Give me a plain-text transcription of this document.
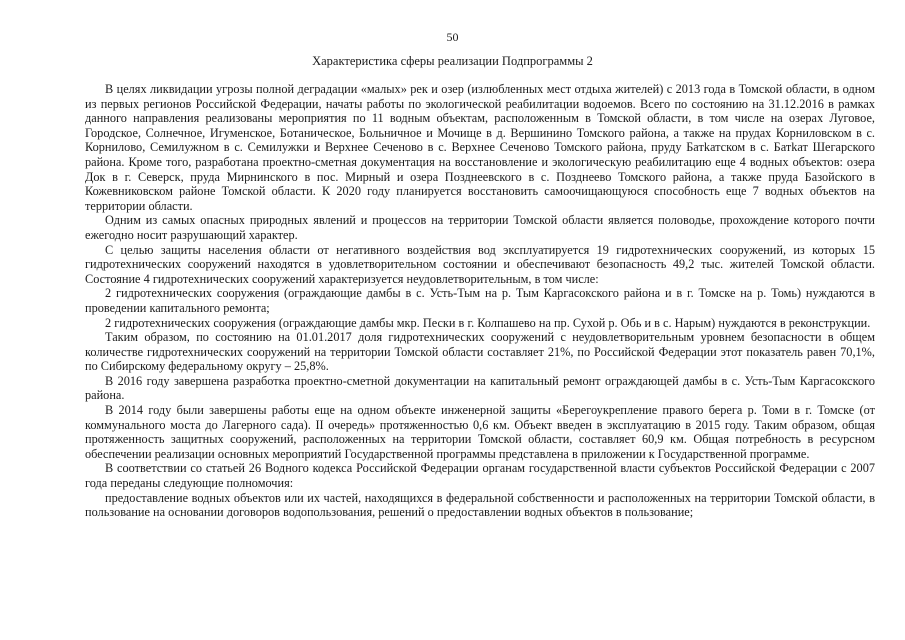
50
Характеристика сферы реализации Подпрограммы 2

В целях ликвидации угрозы полной деградации «малых» рек и озер (излюбленных мест отдыха жителей) с 2013 года в Томской области, в одном из первых регионов Российской Федерации, начаты работы по экологической реабилитации водоемов. Всего по состоянию на 31.12.2016 в рамках данного направления реализованы мероприятия по 11 водным объектам, расположенным в Томской области, в том числе на озерах Луговое, Городское, Солнечное, Игуменское, Ботаническое, Больничное и Мочище в д. Вершинино Томского района, а также на прудах Корниловском в с. Корнилово, Семилужном в с. Семилужки и Верхнее Сеченово в с. Верхнее Сеченово Томского района, пруду Батkатском в с. Батkат Шегарского района. Кроме того, разработана проектно-сметная документация на восстановление и экологическую реабилитацию еще 4 водных объектов: озера Док в г. Северск, пруда Мирнинского в пос. Мирный и озера Позднеевского в с. Позднеево Томского района, а также пруда Базойского в Кожевниковском районе Томской области. К 2020 году планируется восстановить самоочищающуюся способность еще 7 водных объектов на территории области.

Одним из самых опасных природных явлений и процессов на территории Томской области является половодье, прохождение которого почти ежегодно носит разрушающий характер.

С целью защиты населения области от негативного воздействия вод эксплуатируется 19 гидротехнических сооружений, из которых 15 гидротехнических сооружений находятся в удовлетворительном состоянии и обеспечивают безопасность 49,2 тыс. жителей Томской области. Состояние 4 гидротехнических сооружений характеризуется неудовлетворительным, в том числе:

2 гидротехнических сооружения (ограждающие дамбы в с. Усть-Тым на р. Тым Каргасокского района и в г. Томске на р. Томь) нуждаются в проведении капитального ремонта;

2 гидротехнических сооружения (ограждающие дамбы мкр. Пески в г. Колпашево на пр. Сухой р. Обь и в с. Нарым) нуждаются в реконструкции.

Таким образом, по состоянию на 01.01.2017 доля гидротехнических сооружений с неудовлетворительным уровнем безопасности в общем количестве гидротехнических сооружений на территории Томской области составляет 21%, по Российской Федерации этот показатель равен 70,1%, по Сибирскому федеральному округу – 25,8%.

В 2016 году завершена разработка проектно-сметной документации на капитальный ремонт ограждающей дамбы в с. Усть-Тым Каргасокского района.

В 2014 году были завершены работы еще на одном объекте инженерной защиты «Берегоукрепление правого берега р. Томи в г. Томске (от коммунального моста до Лагерного сада). II очередь» протяженностью 0,6 км. Объект введен в эксплуатацию в 2015 году. Таким образом, общая протяженность защитных сооружений, расположенных на территории Томской области, составляет 60,9 км. Общая потребность в ресурсном обеспечении реализации основных мероприятий Государственной программы представлена в приложении к Государственной программе.

В соответствии со статьей 26 Водного кодекса Российской Федерации органам государственной власти субъектов Российской Федерации с 2007 года переданы следующие полномочия:

предоставление водных объектов или их частей, находящихся в федеральной собственности и расположенных на территории Томской области, в пользование на основании договоров водопользования, решений о предоставлении водных объектов в пользование;
